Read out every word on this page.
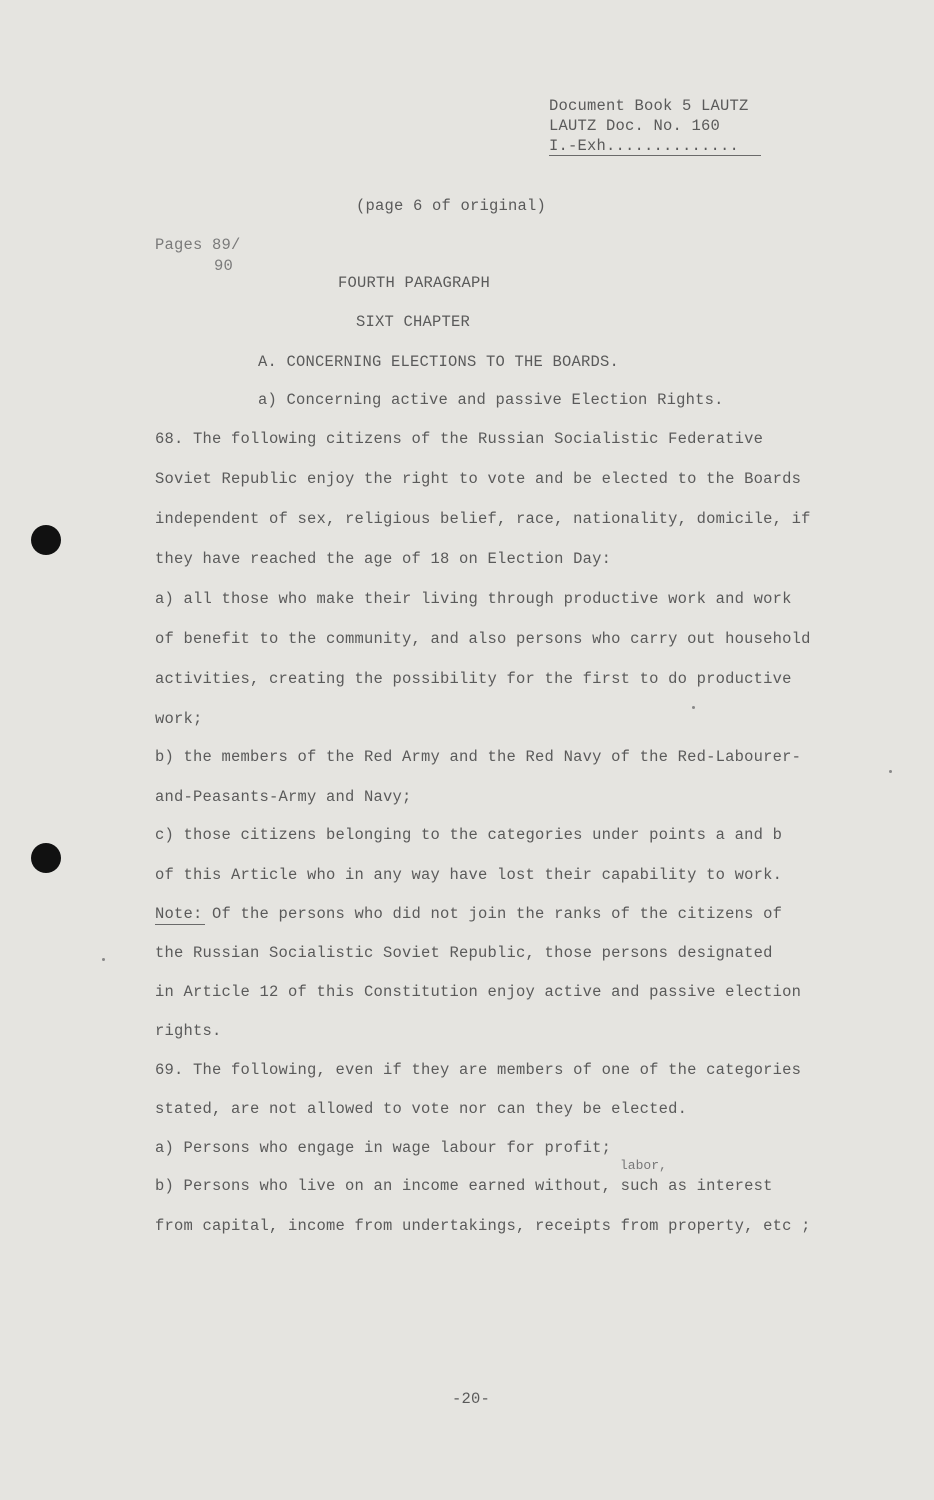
Document Book 5 LAUTZ
LAUTZ Doc. No. 160
I.-Exh..............
(page 6 of original)
Pages 89/
90
FOURTH PARAGRAPH
SIXT CHAPTER
A. CONCERNING ELECTIONS TO THE BOARDS.
a) Concerning active and passive Election Rights.
68. The following citizens of the Russian Socialistic Federative
Soviet Republic enjoy the right to vote and be elected to the Boards
independent of sex, religious belief, race, nationality, domicile, if
they have reached the age of 18 on Election Day:
a) all those who make their living through productive work and work
of benefit to the community, and also persons who carry out household
activities, creating the possibility for the first to do productive
work;
b) the members of the Red Army and the Red Navy of the Red-Labourer-
and-Peasants-Army and Navy;
c) those citizens belonging to the categories under points a and b
of this Article who in any way have lost their capability to work.
Note: Of the persons who did not join the ranks of the citizens of
the Russian Socialistic Soviet Republic, those persons designated
in Article 12 of this Constitution enjoy active and passive election
rights.
69. The following, even if they are members of one of the categories
stated, are not allowed to vote nor can they be elected.
a) Persons who engage in wage labour for profit;
labor,
b) Persons who live on an income earned without, such as interest
from capital, income from undertakings, receipts from property, etc ;
-20-
